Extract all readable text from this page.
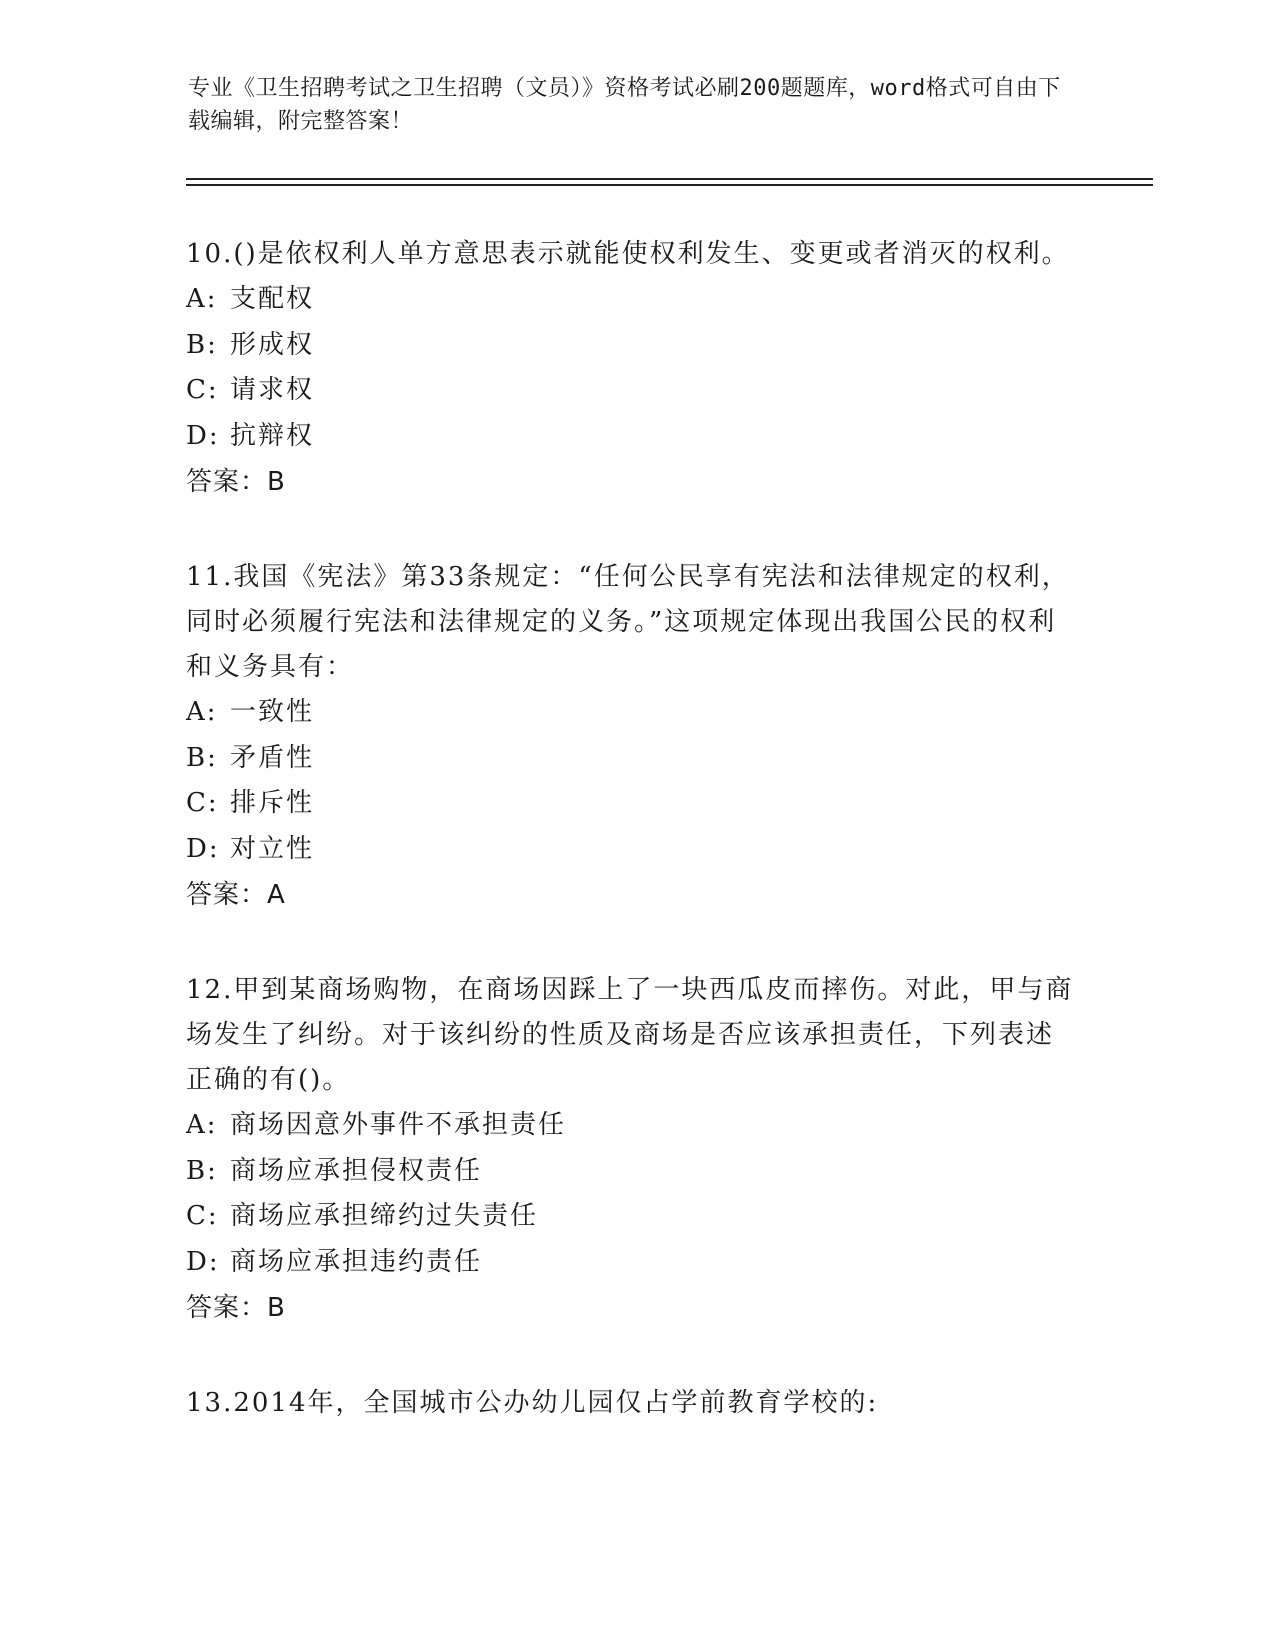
专业《卫生招聘考试之卫生招聘（文员）》资格考试必刷200题题库，word格式可自由下载编辑，附完整答案！
10.()是依权利人单方意思表示就能使权利发生、变更或者消灭的权利。
A: 支配权
B: 形成权
C: 请求权
D: 抗辩权
答案：B
11.我国《宪法》第33条规定：“任何公民享有宪法和法律规定的权利，同时必须履行宪法和法律规定的义务。”这项规定体现出我国公民的权利和义务具有：
A: 一致性
B: 矛盾性
C: 排斥性
D: 对立性
答案：A
12.甲到某商场购物，在商场因踩上了一块西瓜皮而摔伤。对此，甲与商场发生了纠纷。对于该纠纷的性质及商场是否应该承担责任，下列表述正确的有()。
A: 商场因意外事件不承担责任
B: 商场应承担侵权责任
C: 商场应承担缔约过失责任
D: 商场应承担违约责任
答案：B
13.2014年，全国城市公办幼儿园仅占学前教育学校的:
